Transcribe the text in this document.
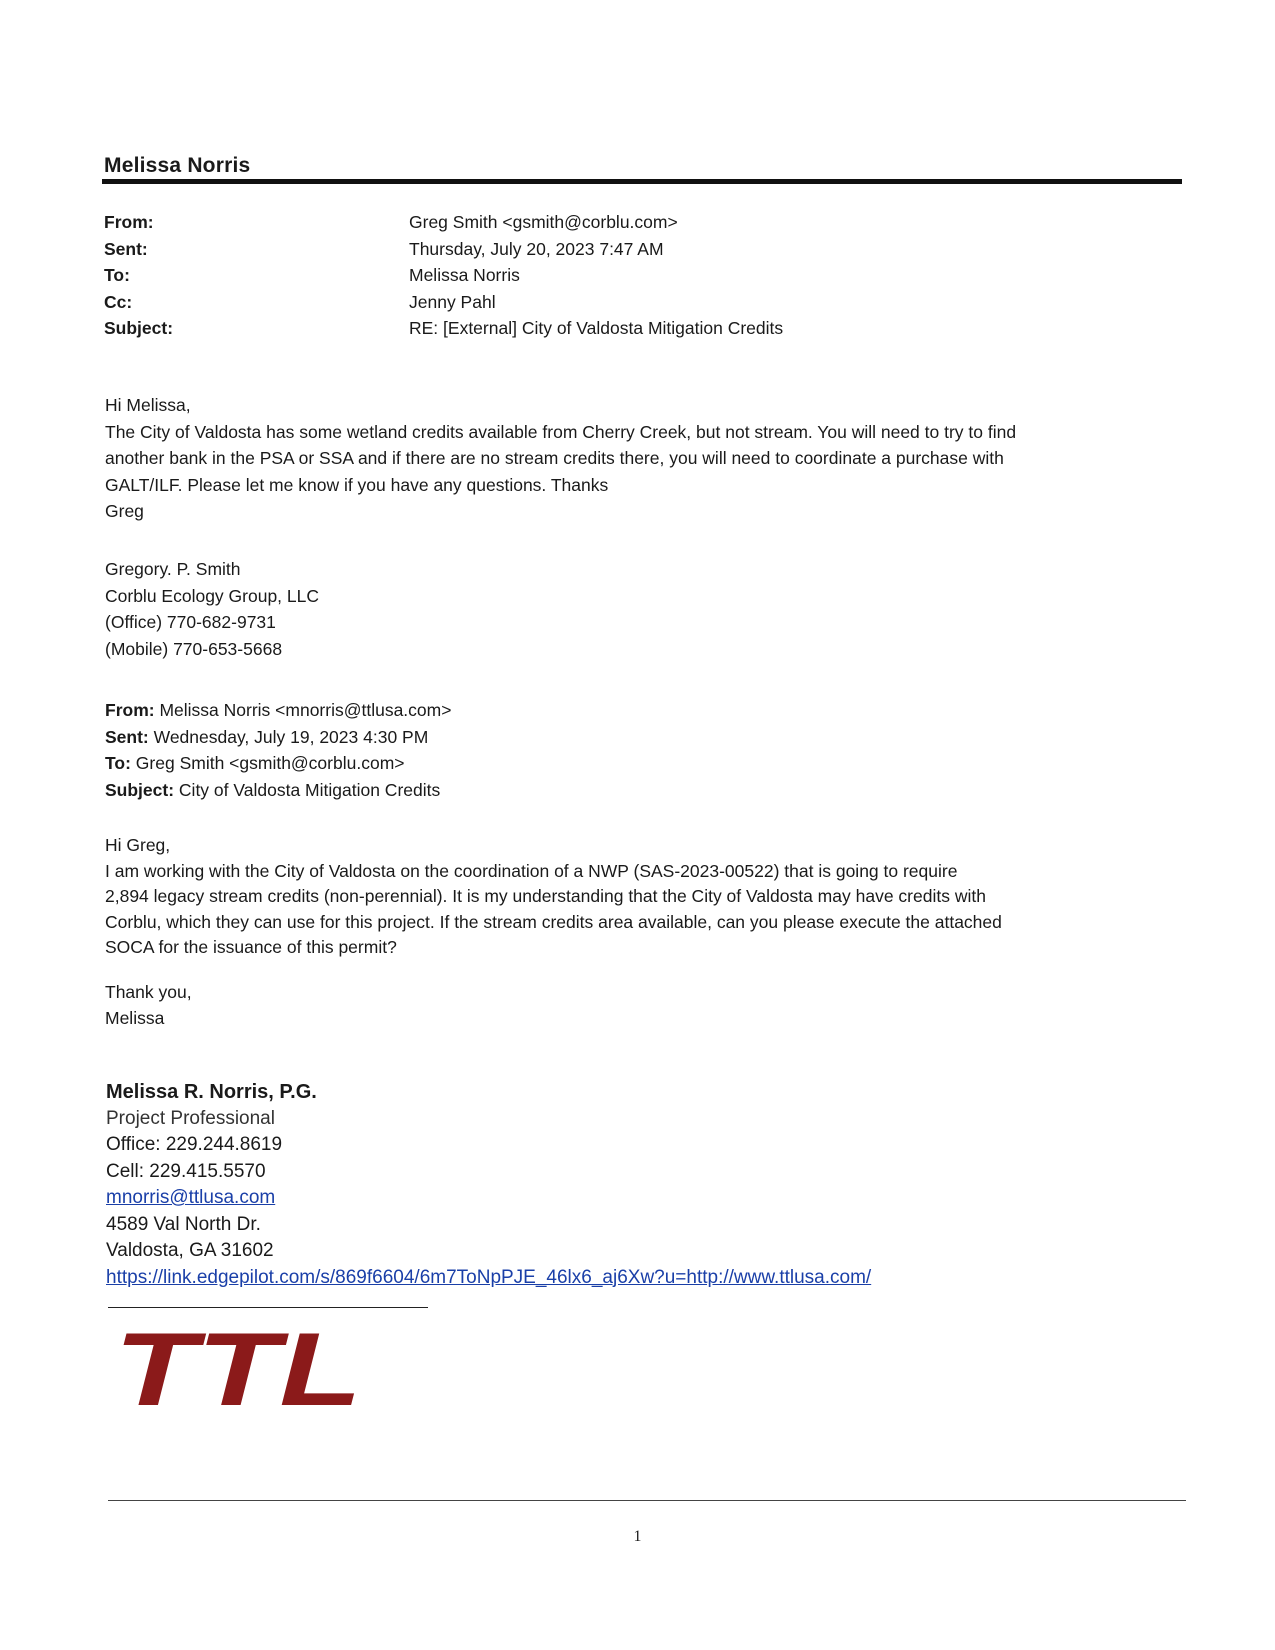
Melissa Norris
From:	Greg Smith <gsmith@corblu.com>
Sent:	Thursday, July 20, 2023 7:47 AM
To:	Melissa Norris
Cc:	Jenny Pahl
Subject:	RE: [External] City of Valdosta Mitigation Credits
Hi Melissa,
The City of Valdosta has some wetland credits available from Cherry Creek, but not stream. You will need to try to find
another bank in the PSA or SSA and if there are no stream credits there, you will need to coordinate a purchase with
GALT/ILF. Please let me know if you have any questions. Thanks
Greg
Gregory. P. Smith
Corblu Ecology Group, LLC
(Office) 770-682-9731
(Mobile) 770-653-5668
From: Melissa Norris <mnorris@ttlusa.com>
Sent: Wednesday, July 19, 2023 4:30 PM
To: Greg Smith <gsmith@corblu.com>
Subject: City of Valdosta Mitigation Credits
Hi Greg,
I am working with the City of Valdosta on the coordination of a NWP (SAS-2023-00522) that is going to require
2,894 legacy stream credits (non-perennial). It is my understanding that the City of Valdosta may have credits with
Corblu, which they can use for this project. If the stream credits area available, can you please execute the attached
SOCA for the issuance of this permit?
Thank you,
Melissa
Melissa R. Norris, P.G.
Project Professional
Office: 229.244.8619
Cell: 229.415.5570
mnorris@ttlusa.com
4589 Val North Dr.
Valdosta, GA 31602
https://link.edgepilot.com/s/869f6604/6m7ToNpPJE_46lx6_aj6Xw?u=http://www.ttlusa.com/
TTL
1
